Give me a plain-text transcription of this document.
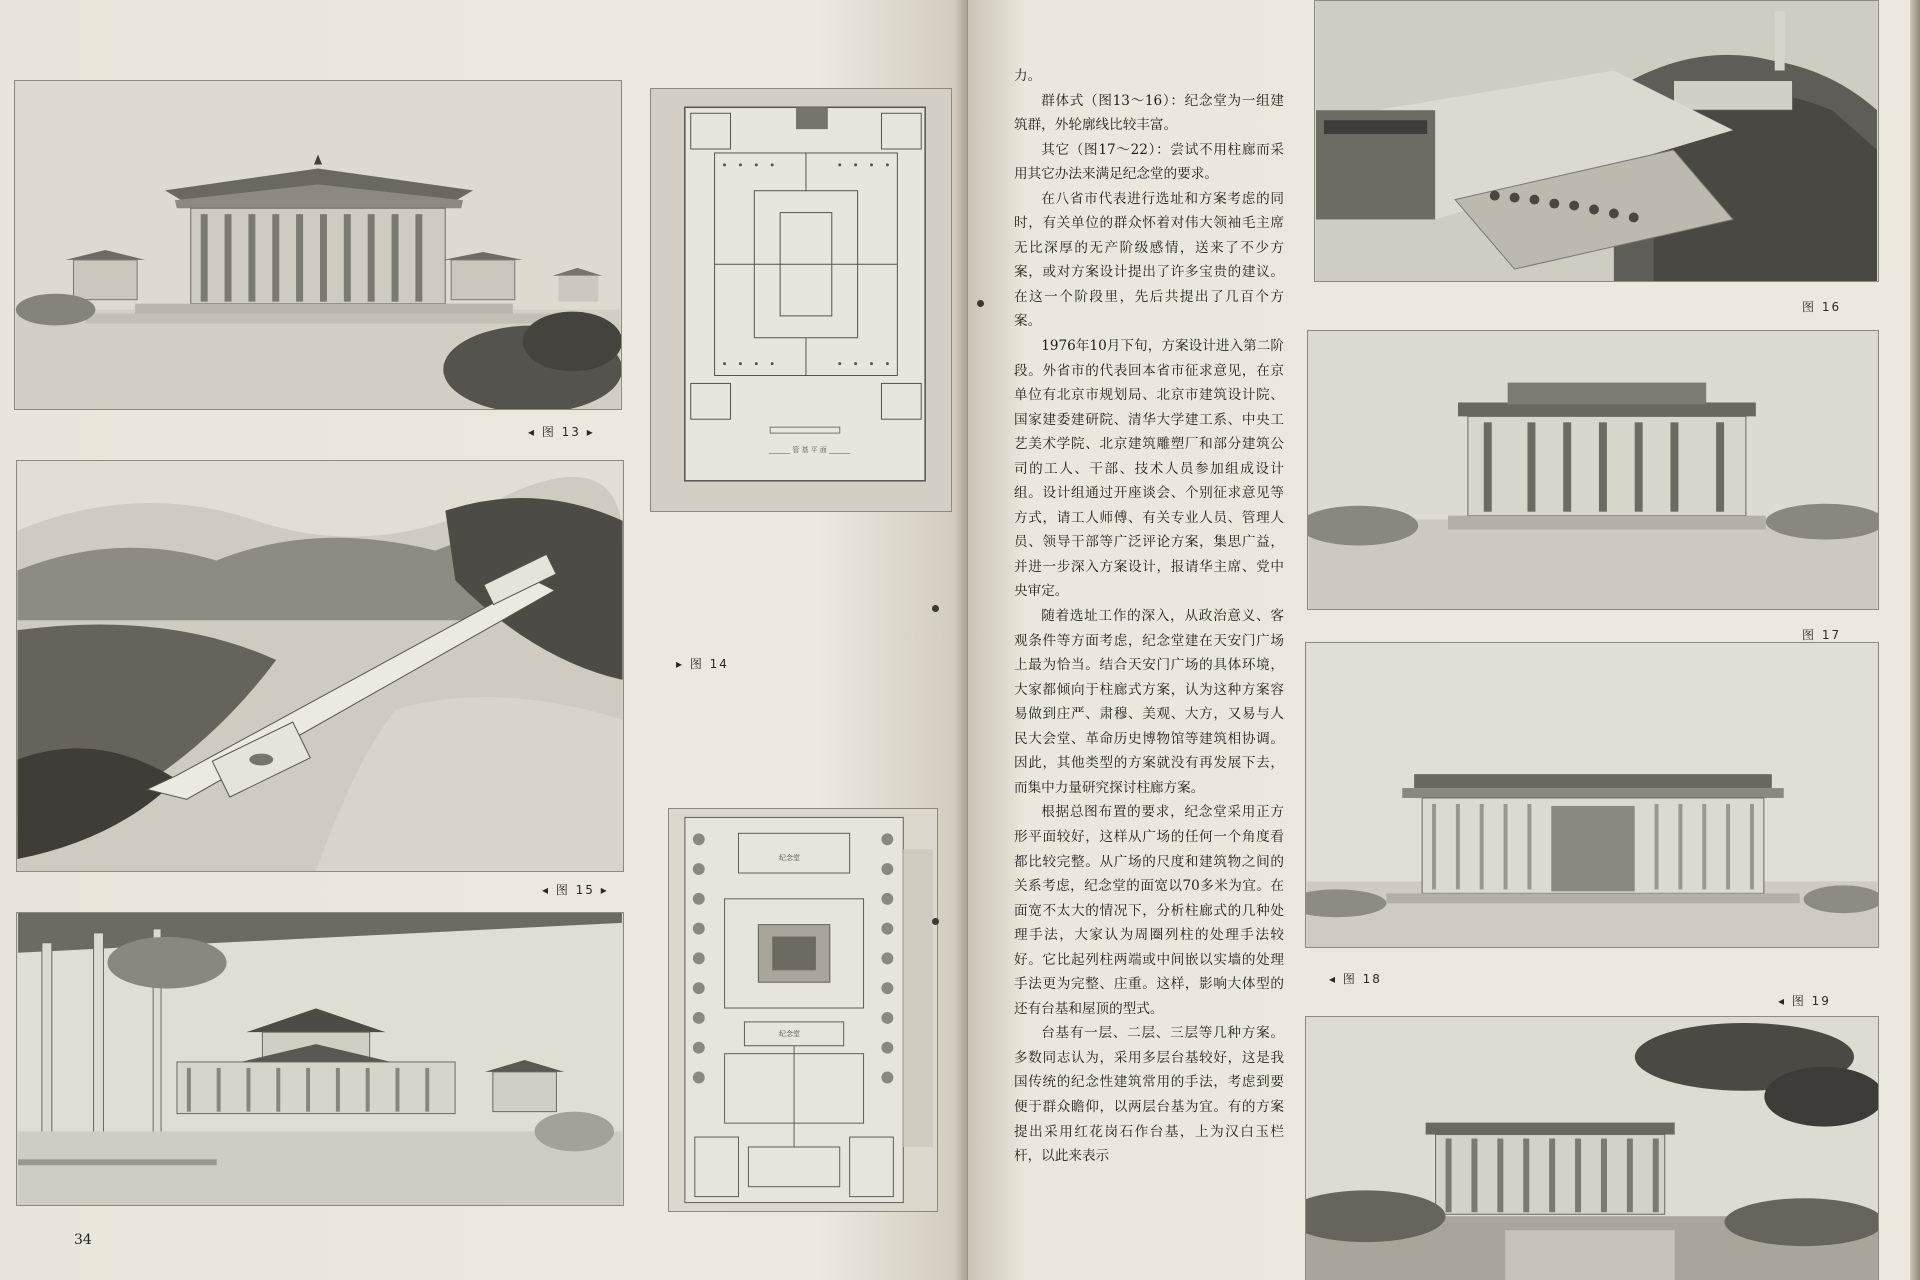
◂ 图 13 ▸
◂ 图 15 ▸
______ 管 基 平 面 ______
▸ 图 14
纪念堂
纪念堂
34
图 16
图 17
◂ 图 18
◂ 图 19

力。

群体式（图13～16）：纪念堂为一组建筑群，外轮廓线比较丰富。

其它（图17～22）：尝试不用柱廊而采用其它办法来满足纪念堂的要求。

在八省市代表进行选址和方案考虑的同时，有关单位的群众怀着对伟大领袖毛主席无比深厚的无产阶级感情，送来了不少方案，或对方案设计提出了许多宝贵的建议。在这一个阶段里，先后共提出了几百个方案。

1976年10月下旬，方案设计进入第二阶段。外省市的代表回本省市征求意见，在京单位有北京市规划局、北京市建筑设计院、国家建委建研院、清华大学建工系、中央工艺美术学院、北京建筑雕塑厂和部分建筑公司的工人、干部、技术人员参加组成设计组。设计组通过开座谈会、个别征求意见等方式，请工人师傅、有关专业人员、管理人员、领导干部等广泛评论方案，集思广益，并进一步深入方案设计，报请华主席、党中央审定。

随着选址工作的深入，从政治意义、客观条件等方面考虑，纪念堂建在天安门广场上最为恰当。结合天安门广场的具体环境，大家都倾向于柱廊式方案，认为这种方案容易做到庄严、肃穆、美观、大方，又易与人民大会堂、革命历史博物馆等建筑相协调。因此，其他类型的方案就没有再发展下去，而集中力量研究探讨柱廊方案。

根据总图布置的要求，纪念堂采用正方形平面较好，这样从广场的任何一个角度看都比较完整。从广场的尺度和建筑物之间的关系考虑，纪念堂的面宽以70多米为宜。在面宽不太大的情况下，分析柱廊式的几种处理手法，大家认为周圈列柱的处理手法较好。它比起列柱两端或中间嵌以实墙的处理手法更为完整、庄重。这样，影响大体型的还有台基和屋顶的型式。

台基有一层、二层、三层等几种方案。多数同志认为，采用多层台基较好，这是我国传统的纪念性建筑常用的手法，考虑到要便于群众瞻仰，以两层台基为宜。有的方案提出采用红花岗石作台基，上为汉白玉栏杆，以此来表示
